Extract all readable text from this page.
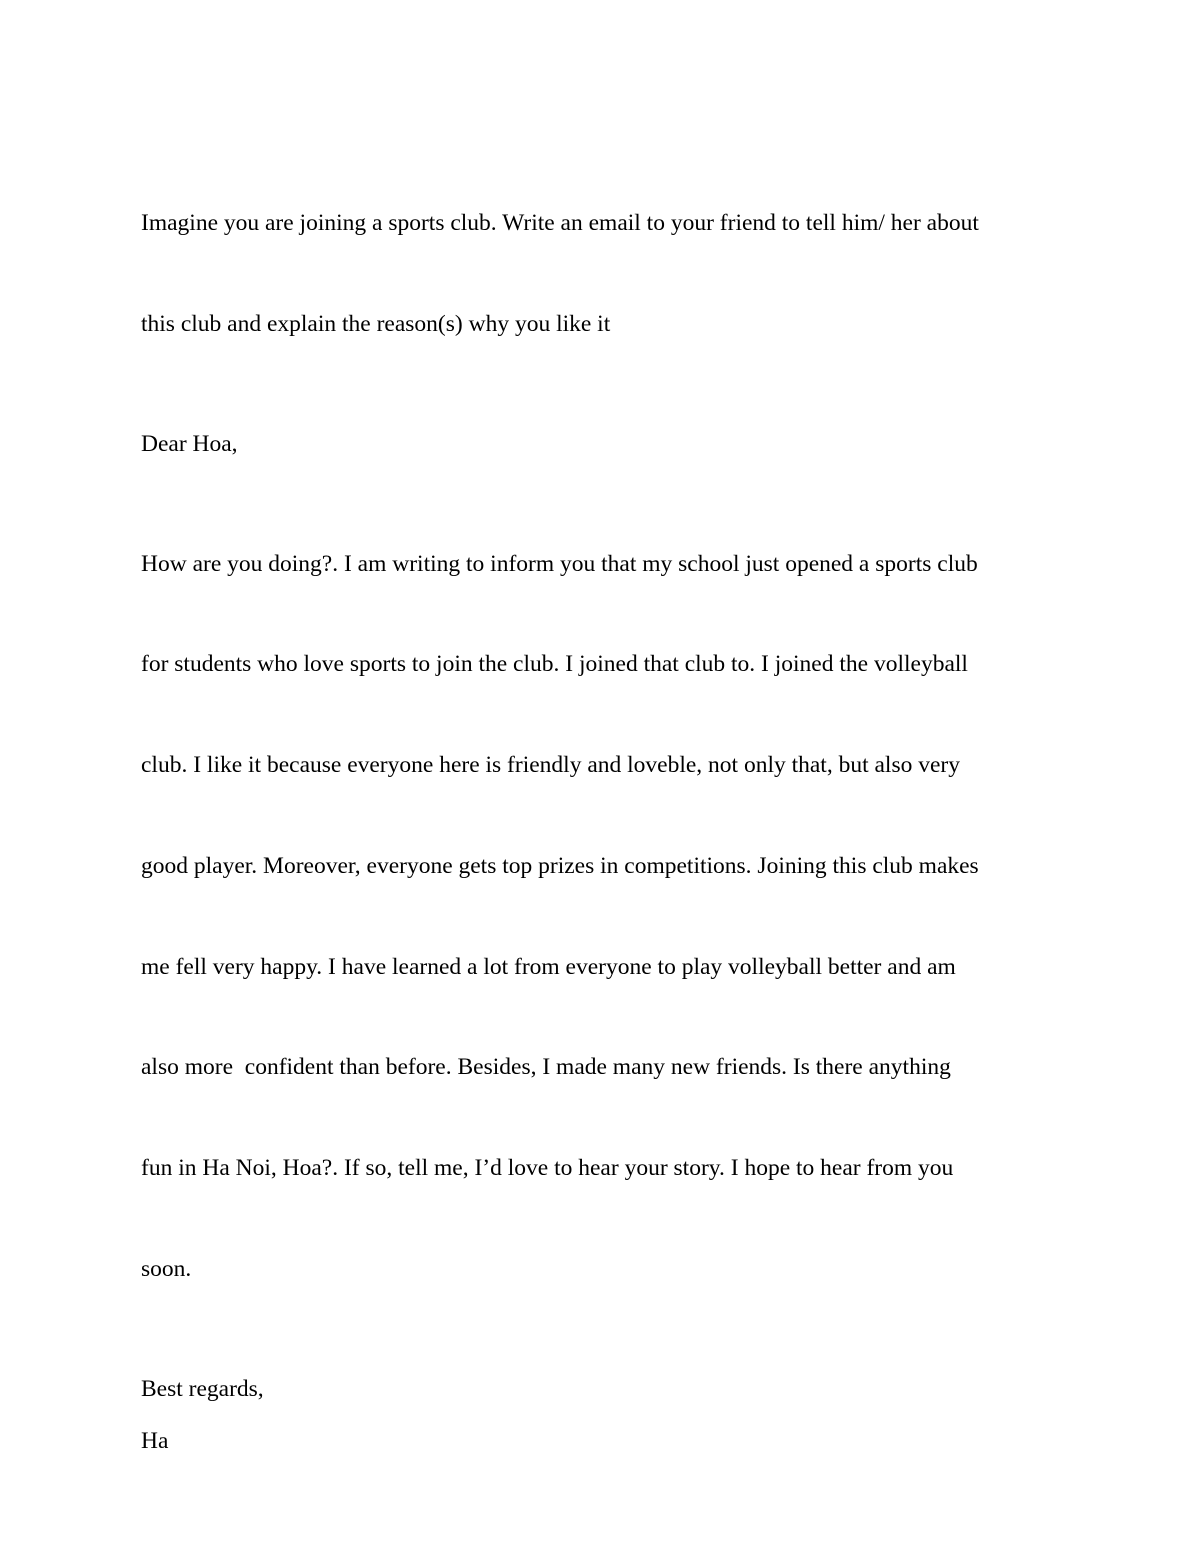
Imagine you are joining a sports club. Write an email to your friend to tell him/ her about

this club and explain the reason(s) why you like it

Dear Hoa,

How are you doing?. I am writing to inform you that my school just opened a sports club

for students who love sports to join the club. I joined that club to. I joined the volleyball

club. I like it because everyone here is friendly and loveble, not only that, but also very

good player. Moreover, everyone gets top prizes in competitions. Joining this club makes

me fell very happy. I have learned a lot from everyone to play volleyball better and am

also more  confident than before. Besides, I made many new friends. Is there anything

fun in Ha Noi, Hoa?. If so, tell me, I’d love to hear your story. I hope to hear from you

soon.

Best regards,

Ha
